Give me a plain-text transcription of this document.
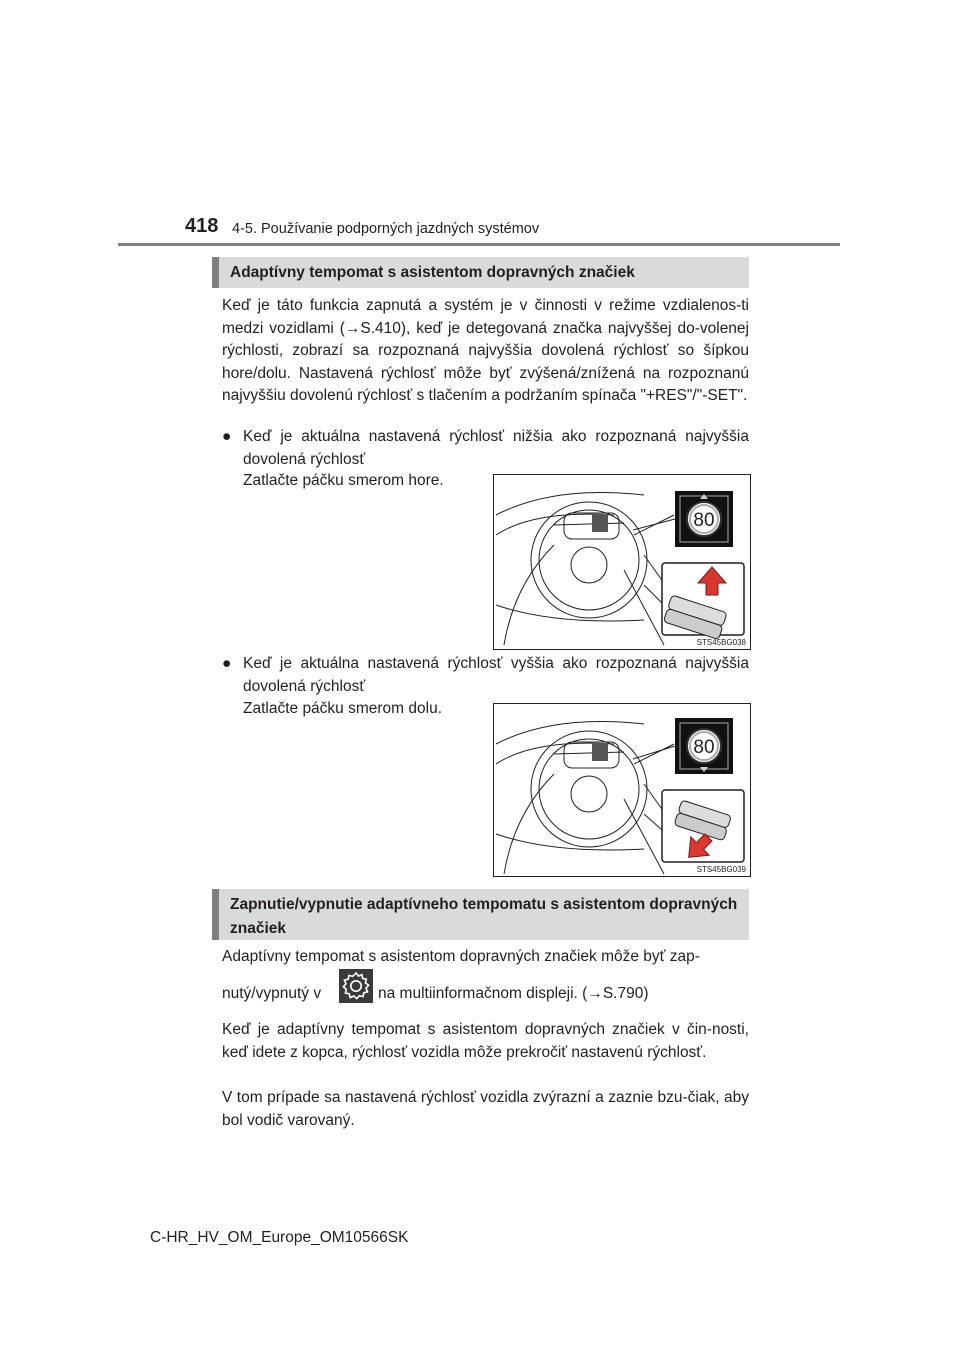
418 4-5. Používanie podporných jazdných systémov
Adaptívny tempomat s asistentom dopravných značiek

Keď je táto funkcia zapnutá a systém je v činnosti v režime vzdialenos-ti medzi vozidlami (→S.410), keď je detegovaná značka najvyššej do-volenej rýchlosti, zobrazí sa rozpoznaná najvyššia dovolená rýchlosť so šípkou hore/dolu. Nastavená rýchlosť môže byť zvýšená/znížená na rozpoznanú najvyššiu dovolenú rýchlosť s tlačením a podržaním spínača "+RES"/"-SET".

● Keď je aktuálna nastavená rýchlosť nižšia ako rozpoznaná najvyššia dovolená rýchlosť
Zatlačte páčku smerom hore.
80
STS45BG038
● Keď je aktuálna nastavená rýchlosť vyššia ako rozpoznaná najvyššia dovolená rýchlosť
Zatlačte páčku smerom dolu.
80
STS45BG039
Zapnutie/vypnutie adaptívneho tempomatu s asistentom dopravných značiek

Adaptívny tempomat s asistentom dopravných značiek môže byť zap-

nutý/vypnutý v	na multiinformačnom displeji. (→S.790)

Keď je adaptívny tempomat s asistentom dopravných značiek v čin-nosti, keď idete z kopca, rýchlosť vozidla môže prekročiť nastavenú rýchlosť.

V tom prípade sa nastavená rýchlosť vozidla zvýrazní a zaznie bzu-čiak, aby bol vodič varovaný.

C-HR_HV_OM_Europe_OM10566SK
